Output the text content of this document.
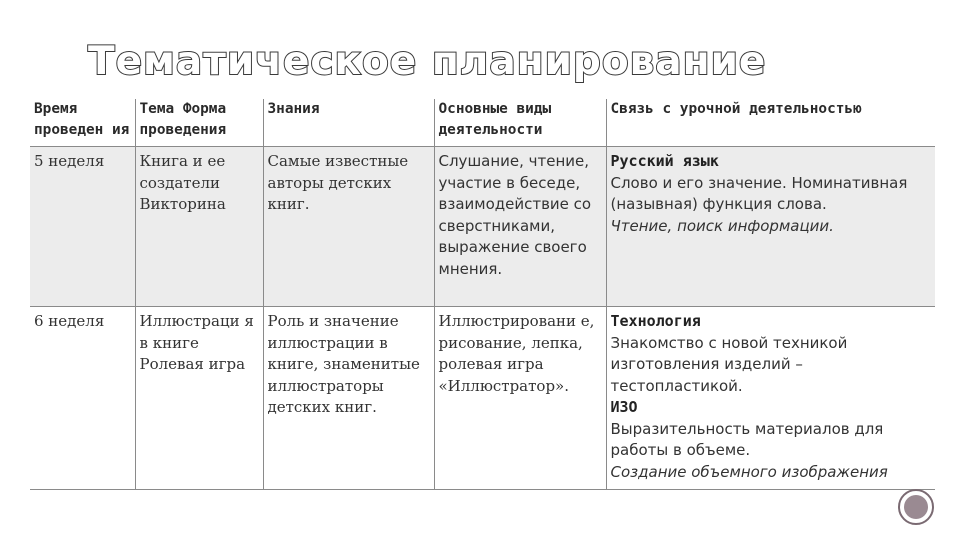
Тематическое планирование
Время проведен ия	Тема Форма проведения	Знания	Основные виды деятельности	Связь с урочной деятельностью
5 неделя	Книга и ее создатели Викторина	Самые известные авторы детских книг.	Слушание, чтение, участие в беседе, взаимодействие со сверстниками, выражение своего мнения.	Русский язык
Слово и его значение. Номинативная (назывная) функция слова.
Чтение, поиск информации.

6 неделя	Иллюстраци я в книге Ролевая игра	Роль и значение иллюстрации в книге, знаменитые иллюстраторы детских книг.	Иллюстрировани е, рисование, лепка, ролевая игра «Иллюстратор».	Технология
Знакомство с новой техникой изготовления изделий – тестопластикой.
ИЗО
Выразительность материалов для работы в объеме.
Создание объемного изображения
